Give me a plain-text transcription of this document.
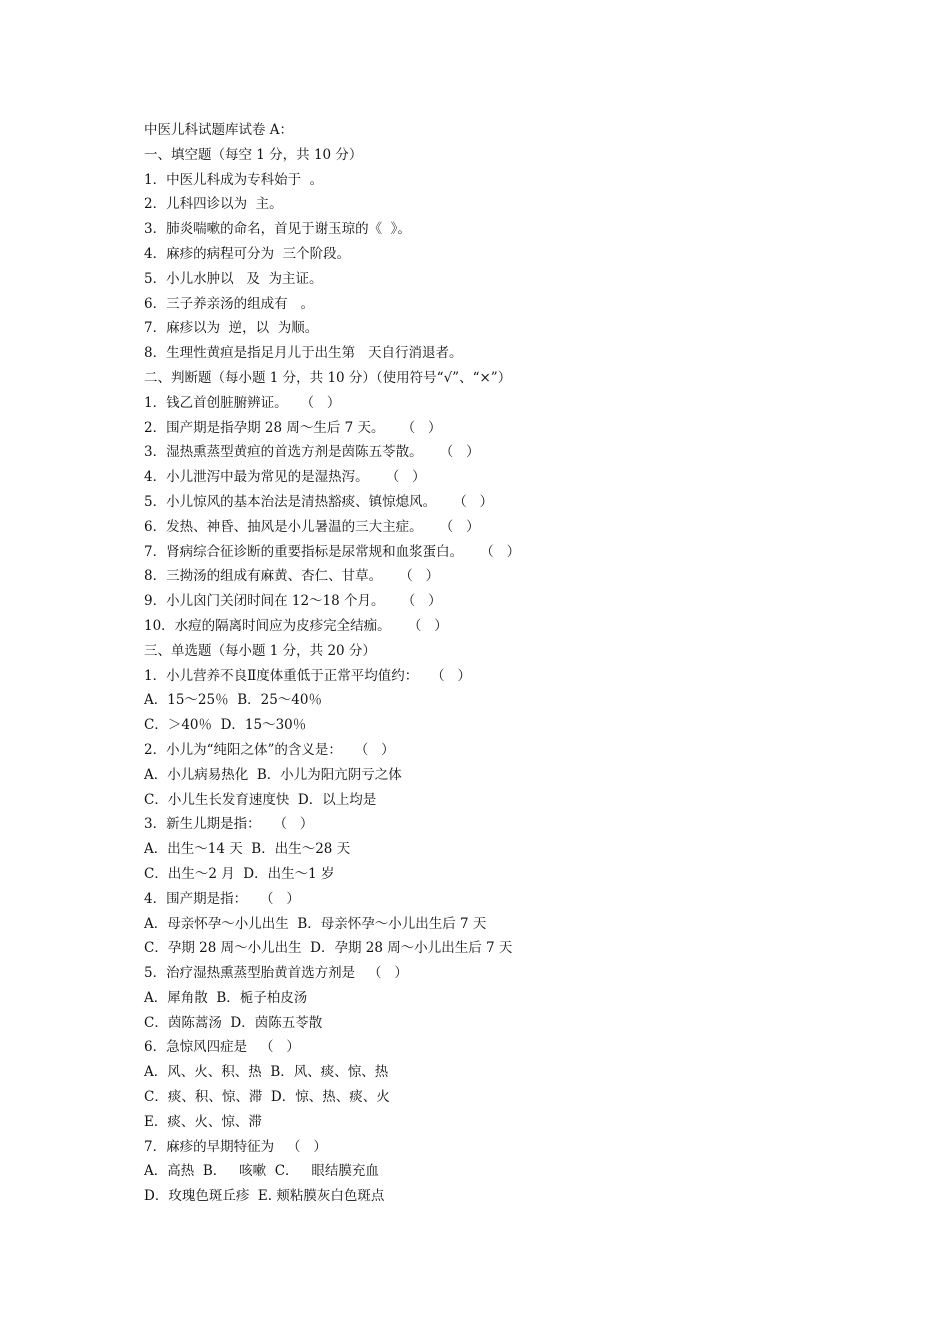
中医儿科试题库试卷 A：
一、填空题（每空 1 分，共 10 分）
1．中医儿科成为专科始于  。
2．儿科四诊以为  主。
3．肺炎喘嗽的命名，首见于谢玉琼的《  》。
4．麻疹的病程可分为  三个阶段。
5．小儿水肿以   及  为主证。
6．三子养亲汤的组成有   。
7．麻疹以为  逆，以  为顺。
8．生理性黄疸是指足月儿于出生第   天自行消退者。
二、判断题（每小题 1 分，共 10 分）（使用符号“√”、“×”）
1．钱乙首创脏腑辨证。   （   ）
2．围产期是指孕期 28 周～生后 7 天。    （   ）
3．湿热熏蒸型黄疸的首选方剂是茵陈五苓散。    （   ）
4．小儿泄泻中最为常见的是湿热泻。    （   ）
5．小儿惊风的基本治法是清热豁痰、镇惊熄风。    （   ）
6．发热、神昏、抽风是小儿暑温的三大主症。    （   ）
7．肾病综合征诊断的重要指标是尿常规和血浆蛋白。    （   ）
8．三拗汤的组成有麻黄、杏仁、甘草。    （   ）
9．小儿囟门关闭时间在 12～18 个月。    （   ）
10．水痘的隔离时间应为皮疹完全结痂。    （   ）
三、单选题（每小题 1 分，共 20 分）
1．小儿营养不良Ⅱ度体重低于正常平均值约：   （   ）
A．15～25％  B．25～40％
C．＞40％  D．15～30％
2．小儿为“纯阳之体”的含义是：   （   ）
A．小儿病易热化  B．小儿为阳亢阴亏之体
C．小儿生长发育速度快  D．以上均是
3．新生儿期是指：   （   ）
A．出生～14 天  B．出生～28 天
C．出生～2 月  D．出生～1 岁
4．围产期是指：   （   ）
A．母亲怀孕～小儿出生  B．母亲怀孕～小儿出生后 7 天
C．孕期 28 周～小儿出生  D．孕期 28 周～小儿出生后 7 天
5．治疗湿热熏蒸型胎黄首选方剂是   （   ）
A．犀角散  B．栀子柏皮汤
C．茵陈蒿汤  D．茵陈五苓散
6．急惊风四症是   （   ）
A．风、火、积、热  B．风、痰、惊、热
C．痰、积、惊、滞  D．惊、热、痰、火
E．痰、火、惊、滞
7．麻疹的早期特征为   （   ）
A．高热  B．   咳嗽  C．   眼结膜充血
D．玫瑰色斑丘疹  E. 颊粘膜灰白色斑点
